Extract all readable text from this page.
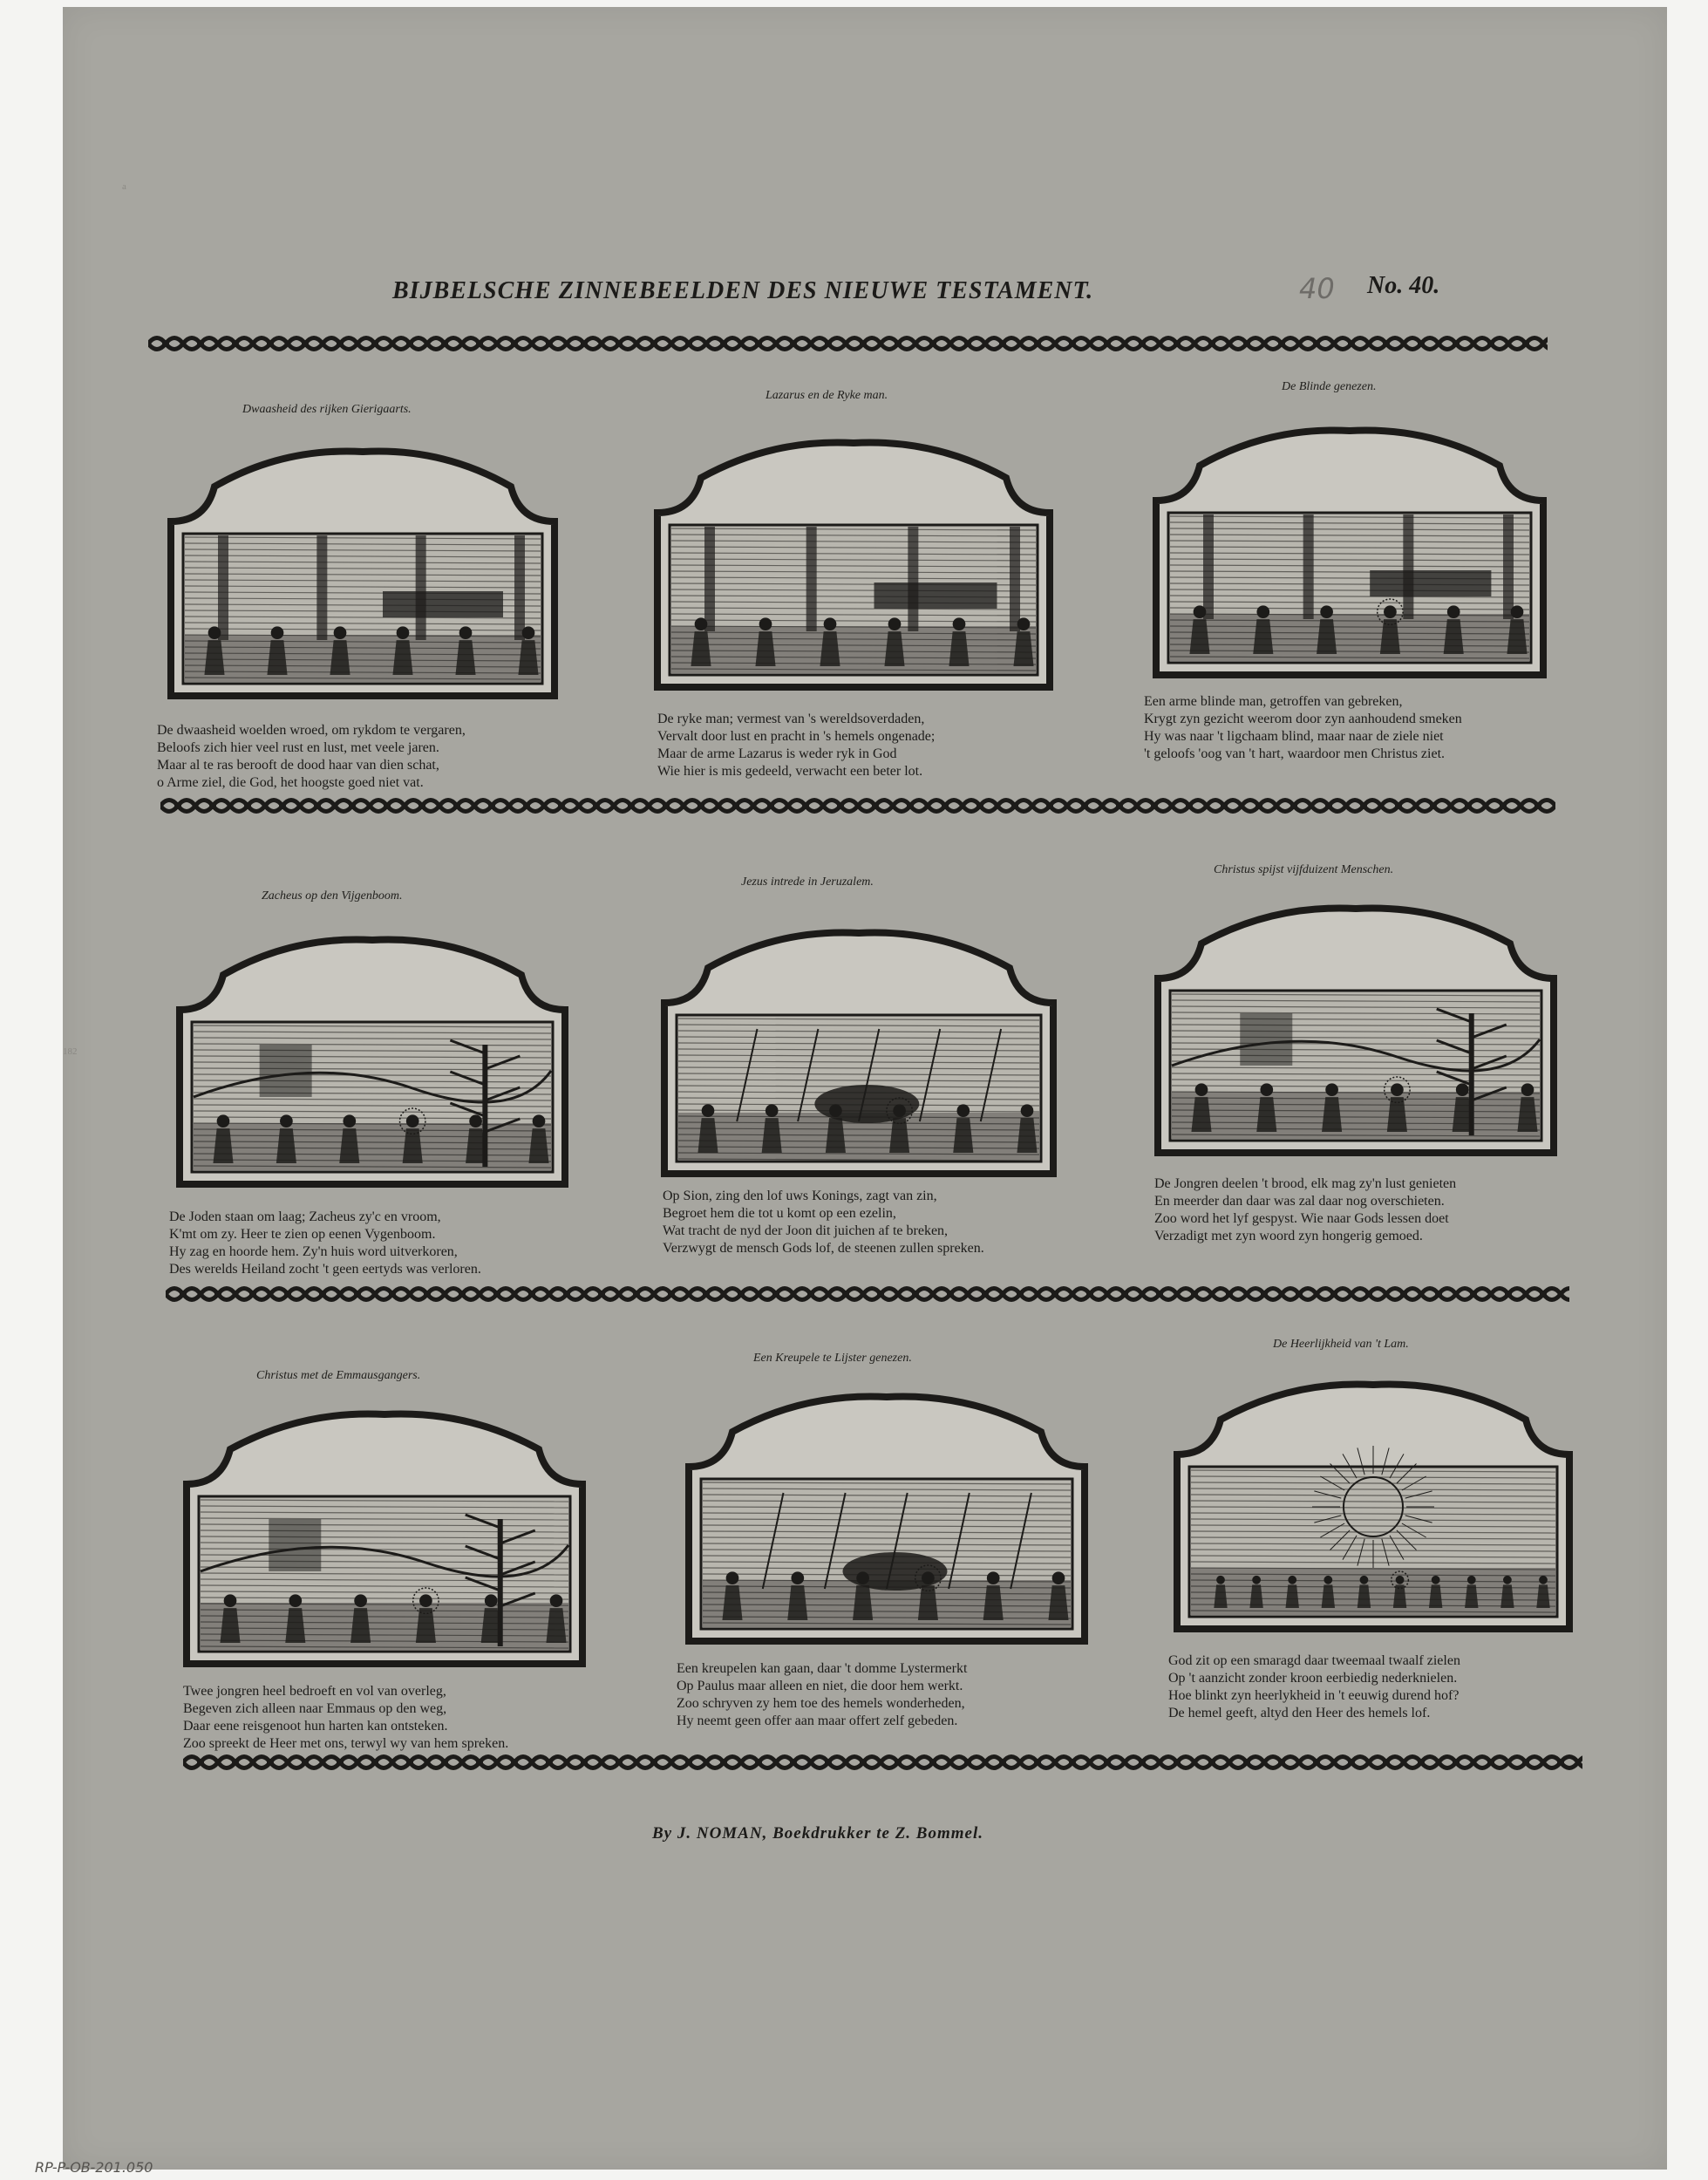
a
182
BIJBELSCHE ZINNEBEELDEN DES NIEUWE TESTAMENT.	40 No. 40.
Dwaasheid des rijken Gierigaarts.
De dwaasheid woelden wroed, om rykdom te vergaren,
Beloofs zich hier veel rust en lust, met veele jaren.
Maar al te ras berooft de dood haar van dien schat,
o Arme ziel, die God, het hoogste goed niet vat.
Lazarus en de Ryke man.
De ryke man; vermest van 's wereldsoverdaden,
Vervalt door lust en pracht in 's hemels ongenade;
Maar de arme Lazarus is weder ryk in God
Wie hier is mis gedeeld, verwacht een beter lot.
De Blinde genezen.
Een arme blinde man, getroffen van gebreken,
Krygt zyn gezicht weerom door zyn aanhoudend smeken
Hy was naar 't ligchaam blind, maar naar de ziele niet
't geloofs 'oog van 't hart, waardoor men Christus ziet.
Zacheus op den Vijgenboom.
De Joden staan om laag; Zacheus zy'c en vroom,
K'mt om zy. Heer te zien op eenen Vygenboom.
Hy zag en hoorde hem. Zy'n huis word uitverkoren,
Des werelds Heiland zocht 't geen eertyds was verloren.
Jezus intrede in Jeruzalem.
Op Sion, zing den lof uws Konings, zagt van zin,
Begroet hem die tot u komt op een ezelin,
Wat tracht de nyd der Joon dit juichen af te breken,
Verzwygt de mensch Gods lof, de steenen zullen spreken.
Christus spijst vijfduizent Menschen.
De Jongren deelen 't brood, elk mag zy'n lust genieten
En meerder dan daar was zal daar nog overschieten.
Zoo word het lyf gespyst. Wie naar Gods lessen doet
Verzadigt met zyn woord zyn hongerig gemoed.
Christus met de Emmausgangers.
Twee jongren heel bedroeft en vol van overleg,
Begeven zich alleen naar Emmaus op den weg,
Daar eene reisgenoot hun harten kan ontsteken.
Zoo spreekt de Heer met ons, terwyl wy van hem spreken.
Een Kreupele te Lijster genezen.
Een kreupelen kan gaan, daar 't domme Lystermerkt
Op Paulus maar alleen en niet, die door hem werkt.
Zoo schryven zy hem toe des hemels wonderheden,
Hy neemt geen offer aan maar offert zelf gebeden.
De Heerlijkheid van 't Lam.
God zit op een smaragd daar tweemaal twaalf zielen
Op 't aanzicht zonder kroon eerbiedig nederknielen.
Hoe blinkt zyn heerlykheid in 't eeuwig durend hof?
De hemel geeft, altyd den Heer des hemels lof.
By J. NOMAN, Boekdrukker te Z. Bommel.
RP-P-OB-201.050
